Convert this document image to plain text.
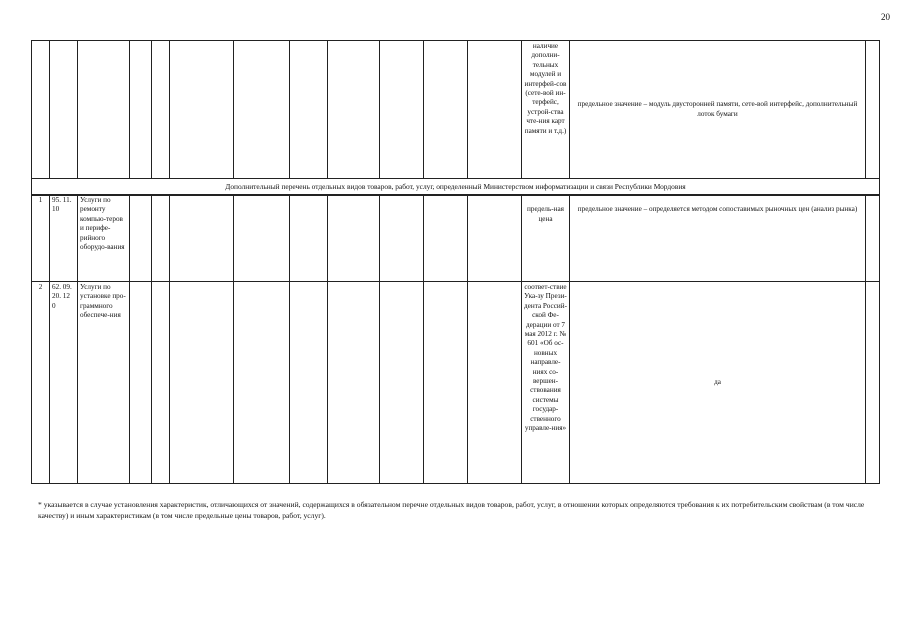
20
												наличие дополни-тельных модулей и интерфей-сов (сете-вой ин-терфейс, устрой-ства чте-ния карт памяти и т.д.)	предельное значение – модуль двусторонней памяти, сете-вой интерфейс, дополнительный лоток бумаги	
Дополнительный перечень отдельных видов товаров, работ, услуг, определенный Министерством информатизации и связи Республики Мордовия
1	95. 11. 10	Услуги по ремонту компью-теров и перифе-рийного оборудо-вания										предель-ная цена	предельное значение – определяется методом сопоставимых рыночных цен (анализ рынка)	
2	62. 09. 20. 12 0	Услуги по установке про-граммного обеспече-ния										соответ-ствие Ука-зу Прези-дента Россий-ской Фе-дерации от 7 мая 2012 г. № 601 «Об ос-новных направле-ниях со-вершен-ствования системы государ-ственного управле-ния»	да	
* указывается в случае установления характеристик, отличающихся от значений, содержащихся в обязательном перечне отдельных видов товаров, работ, услуг, в отношении которых определяются требования к их потребительским свойствам (в том числе качеству) и иным характеристикам (в том числе предельные цены товаров, работ, услуг).
